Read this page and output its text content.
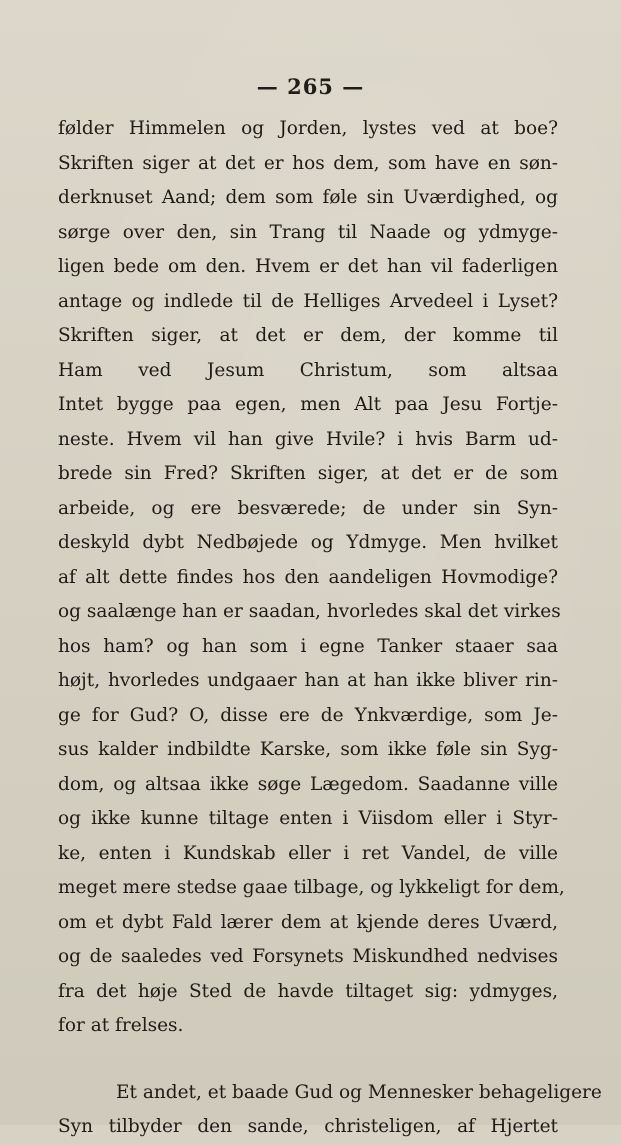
— 265 —
følder Himmelen og Jorden, lystes ved at boe?
Skriften siger at det er hos dem, som have en søn-
derknuset Aand; dem som føle sin Uværdighed, og
sørge over den, sin Trang til Naade og ydmyge-
ligen bede om den. Hvem er det han vil faderligen
antage og indlede til de Helliges Arvedeel i Lyset?
Skriften siger, at det er dem, der komme til
Ham ved Jesum Christum, som altsaa
Intet bygge paa egen, men Alt paa Jesu Fortje-
neste. Hvem vil han give Hvile? i hvis Barm ud-
brede sin Fred? Skriften siger, at det er de som
arbeide, og ere besværede; de under sin Syn-
deskyld dybt Nedbøjede og Ydmyge. Men hvilket
af alt dette findes hos den aandeligen Hovmodige?
og saalænge han er saadan, hvorledes skal det virkes
hos ham? og han som i egne Tanker staaer saa
højt, hvorledes undgaaer han at han ikke bliver rin-
ge for Gud? O, disse ere de Ynkværdige, som Je-
sus kalder indbildte Karske, som ikke føle sin Syg-
dom, og altsaa ikke søge Lægedom. Saadanne ville
og ikke kunne tiltage enten i Viisdom eller i Styr-
ke, enten i Kundskab eller i ret Vandel, de ville
meget mere stedse gaae tilbage, og lykkeligt for dem,
om et dybt Fald lærer dem at kjende deres Uværd,
og de saaledes ved Forsynets Miskundhed nedvises
fra det høje Sted de havde tiltaget sig: ydmyges,
for at frelses.
Et andet, et baade Gud og Mennesker behageligere
Syn tilbyder den sande, christeligen, af Hjertet
